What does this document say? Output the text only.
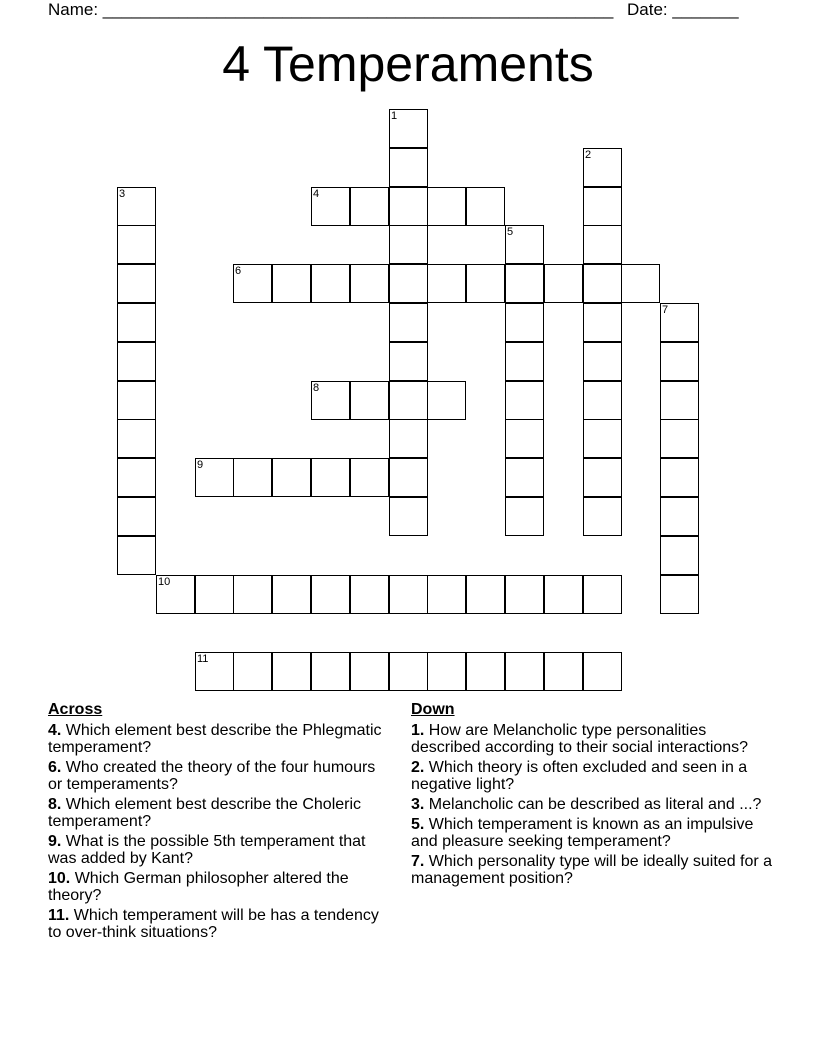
Name: ______________________________________________________ Date: _______
4 Temperaments
1
2
3	4
5
6
7
8
9
10
11
Across
4. Which element best describe the Phlegmatic temperament?
6. Who created the theory of the four humours or temperaments?
8. Which element best describe the Choleric temperament?
9. What is the possible 5th temperament that was added by Kant?
10. Which German philosopher altered the theory?
11. Which temperament will be has a tendency to over-think situations?
Down
1. How are Melancholic type personalities described according to their social interactions?
2. Which theory is often excluded and seen in a negative light?
3. Melancholic can be described as literal and ...?
5. Which temperament is known as an impulsive and pleasure seeking temperament?
7. Which personality type will be ideally suited for a management position?
